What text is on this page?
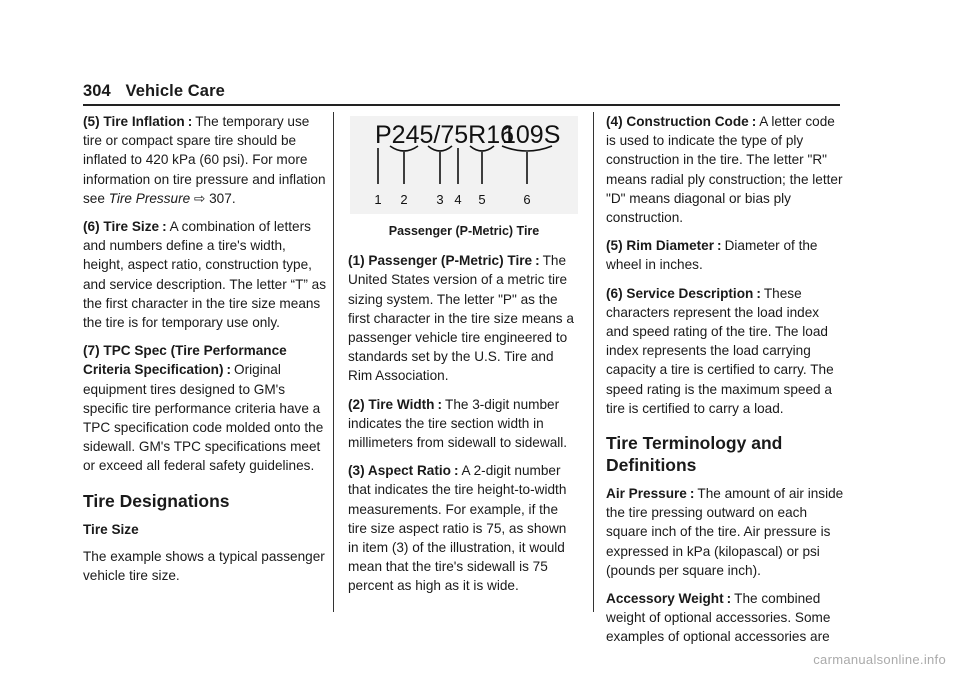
304 Vehicle Care

(5) Tire Inflation : The temporary use tire or compact spare tire should be inflated to 420 kPa (60 psi). For more information on tire pressure and inflation see Tire Pressure ⇨ 307.

(6) Tire Size : A combination of letters and numbers define a tire's width, height, aspect ratio, construction type, and service description. The letter “T” as the first character in the tire size means the tire is for temporary use only.

(7) TPC Spec (Tire Performance Criteria Specification) : Original equipment tires designed to GM's specific tire performance criteria have a TPC specification code molded onto the sidewall. GM's TPC specifications meet or exceed all federal safety guidelines.

Tire Designations
Tire Size

The example shows a typical passenger vehicle tire size.

P245/75R16
109S
1 2 3 4 5	6
Passenger (P-Metric) Tire

(1) Passenger (P-Metric) Tire : The United States version of a metric tire sizing system. The letter "P" as the first character in the tire size means a passenger vehicle tire engineered to standards set by the U.S. Tire and Rim Association.

(2) Tire Width : The 3-digit number indicates the tire section width in millimeters from sidewall to sidewall.

(3) Aspect Ratio : A 2-digit number that indicates the tire height-to-width measurements. For example, if the tire size aspect ratio is 75, as shown in item (3) of the illustration, it would mean that the tire's sidewall is 75 percent as high as it is wide.

(4) Construction Code : A letter code is used to indicate the type of ply construction in the tire. The letter "R" means radial ply construction; the letter "D" means diagonal or bias ply construction.

(5) Rim Diameter : Diameter of the wheel in inches.

(6) Service Description : These characters represent the load index and speed rating of the tire. The load index represents the load carrying capacity a tire is certified to carry. The speed rating is the maximum speed a tire is certified to carry a load.

Tire Terminology and Definitions

Air Pressure : The amount of air inside the tire pressing outward on each square inch of the tire. Air pressure is expressed in kPa (kilopascal) or psi (pounds per square inch).

Accessory Weight : The combined weight of optional accessories. Some examples of optional accessories are

carmanualsonline.info
